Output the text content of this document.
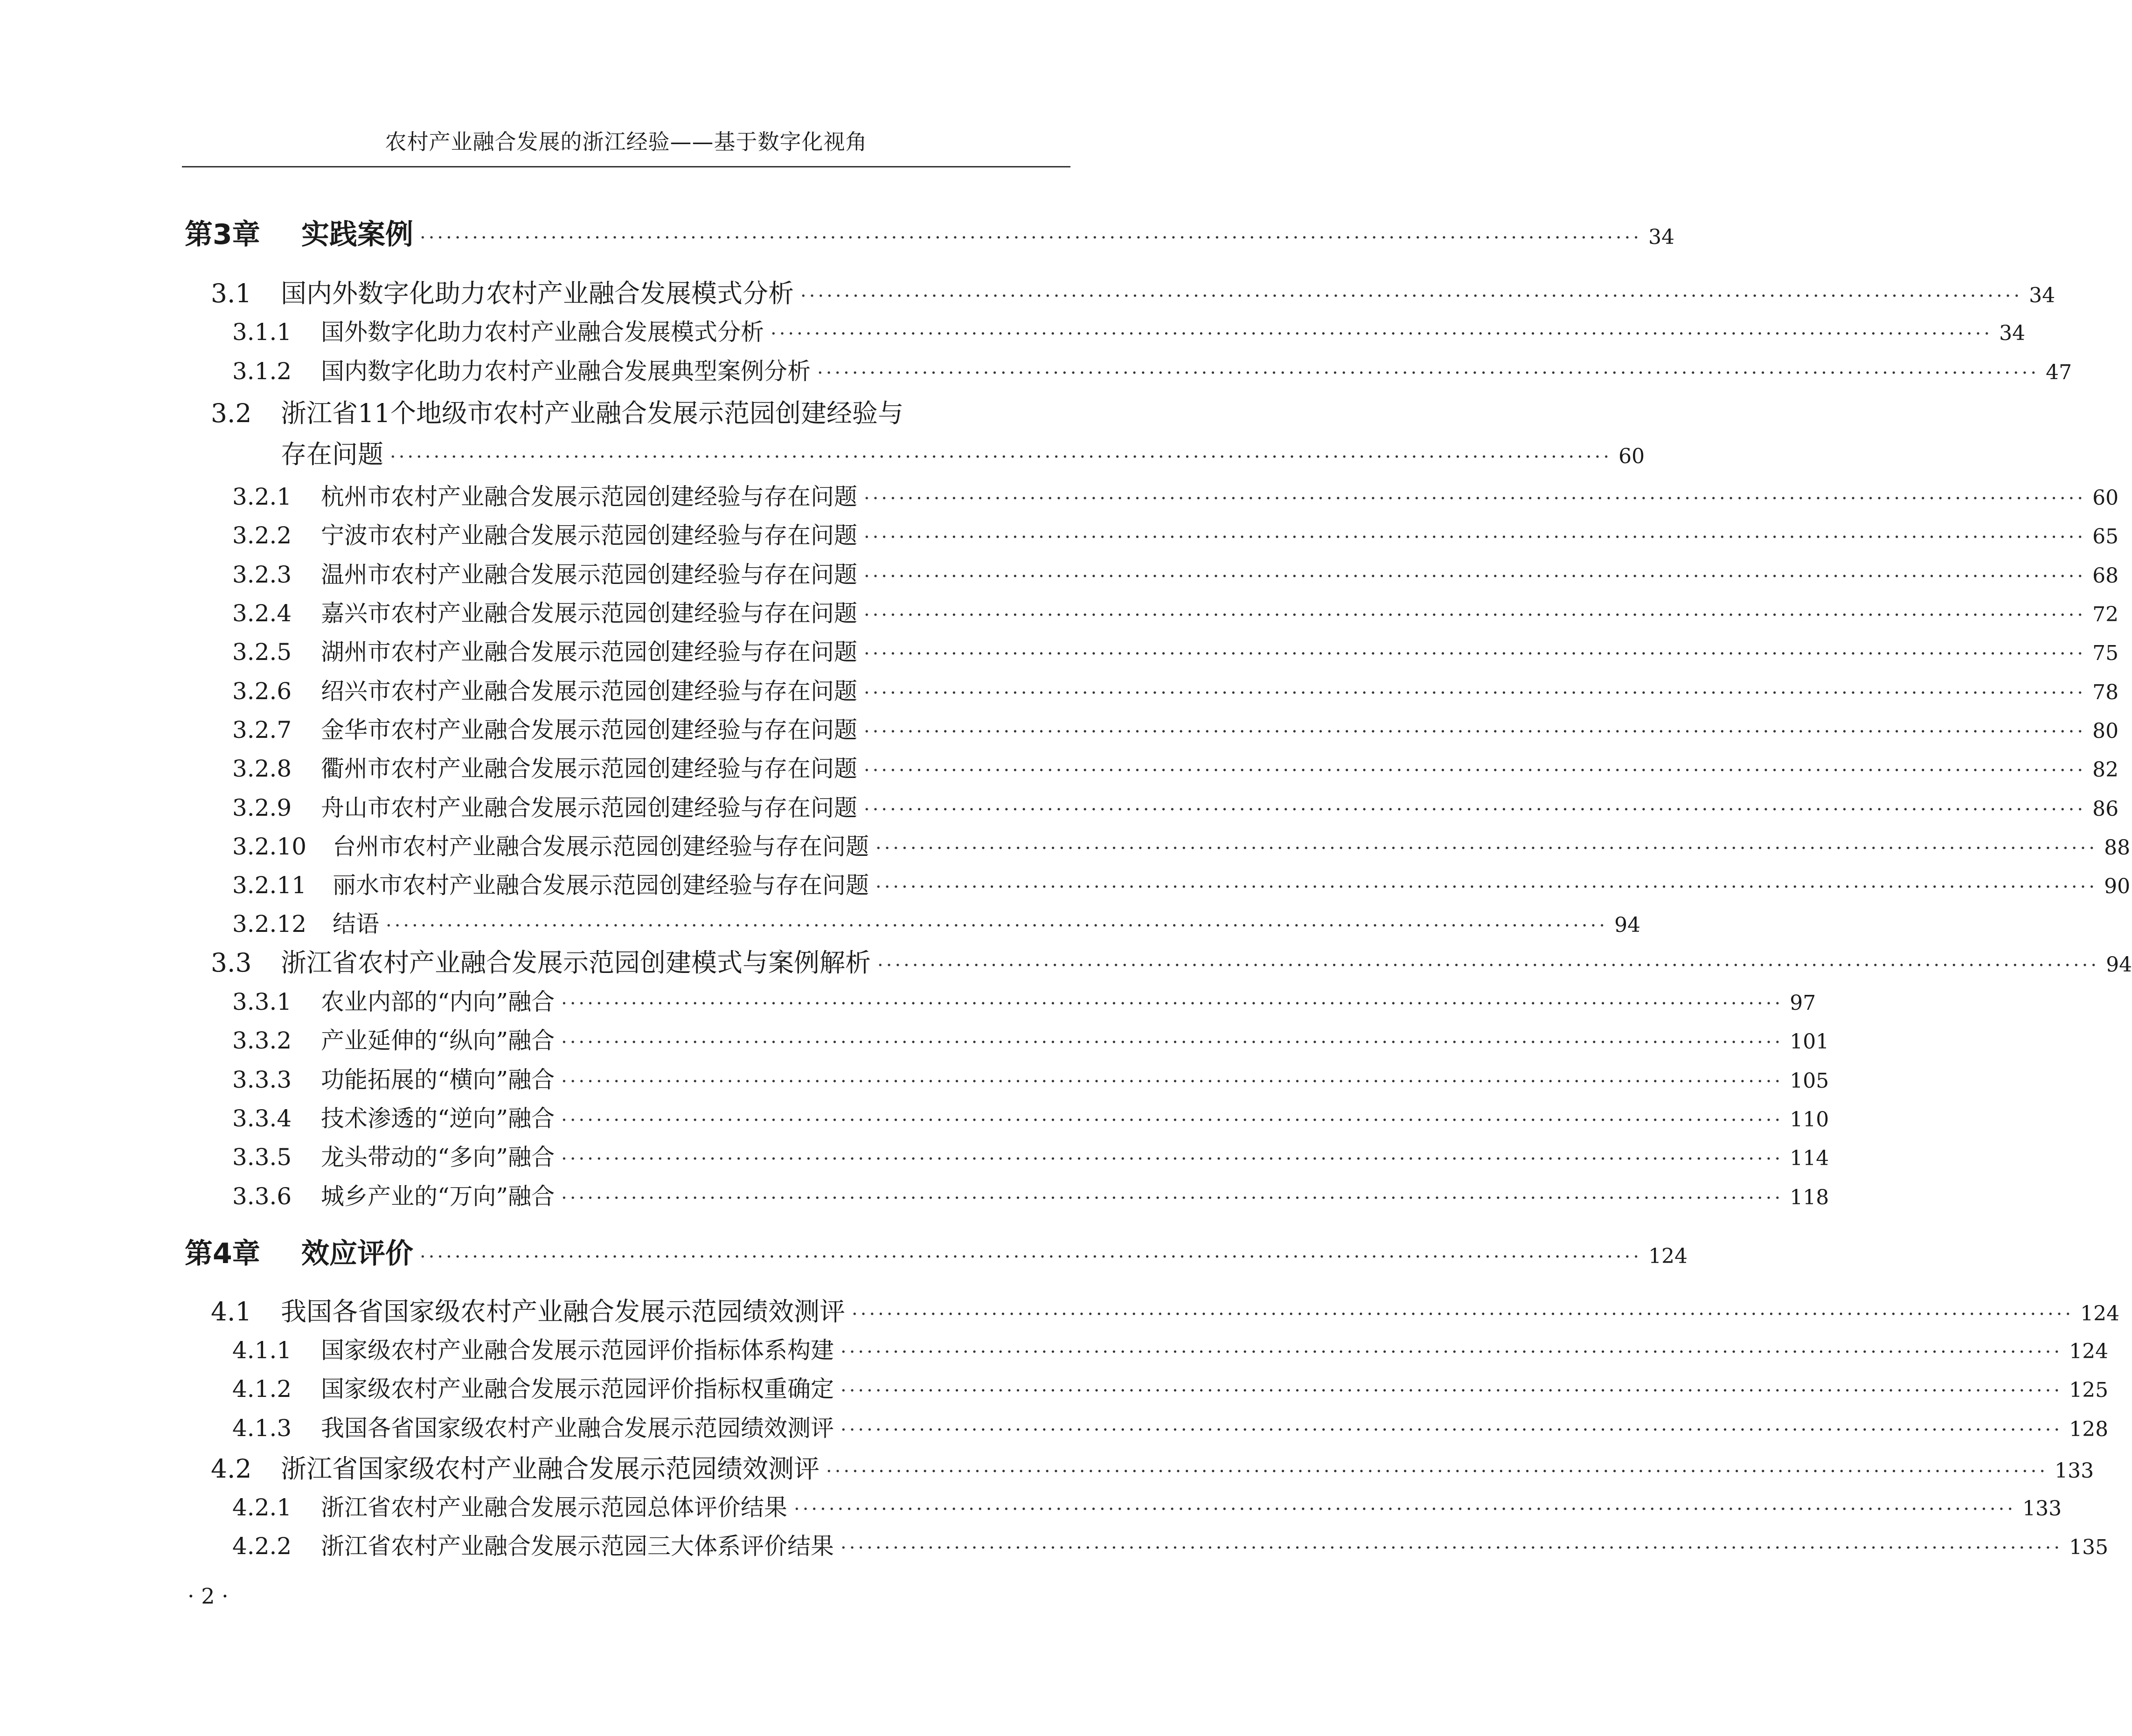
农村产业融合发展的浙江经验——基于数字化视角
第3章	实践案例 ············································································································································ 34
3.1	国内外数字化助力农村产业融合发展模式分析 ············································································································································ 34
3.1.1	国外数字化助力农村产业融合发展模式分析 ············································································································································ 34
3.1.2	国内数字化助力农村产业融合发展典型案例分析 ············································································································································ 47
3.2 浙江省11个地级市农村产业融合发展示范园创建经验与
存在问题 ············································································································································ 60
3.2.1	杭州市农村产业融合发展示范园创建经验与存在问题 ············································································································································ 60
3.2.2	宁波市农村产业融合发展示范园创建经验与存在问题 ············································································································································ 65
3.2.3	温州市农村产业融合发展示范园创建经验与存在问题 ············································································································································ 68
3.2.4	嘉兴市农村产业融合发展示范园创建经验与存在问题 ············································································································································ 72
3.2.5	湖州市农村产业融合发展示范园创建经验与存在问题 ············································································································································ 75
3.2.6	绍兴市农村产业融合发展示范园创建经验与存在问题 ············································································································································ 78
3.2.7	金华市农村产业融合发展示范园创建经验与存在问题 ············································································································································ 80
3.2.8	衢州市农村产业融合发展示范园创建经验与存在问题 ············································································································································ 82
3.2.9	舟山市农村产业融合发展示范园创建经验与存在问题 ············································································································································ 86
3.2.10	台州市农村产业融合发展示范园创建经验与存在问题 ············································································································································ 88
3.2.11	丽水市农村产业融合发展示范园创建经验与存在问题 ············································································································································ 90
3.2.12	结语 ············································································································································ 94
3.3	浙江省农村产业融合发展示范园创建模式与案例解析 ············································································································································ 94
3.3.1	农业内部的“内向”融合 ············································································································································ 97
3.3.2	产业延伸的“纵向”融合 ············································································································································ 101
3.3.3	功能拓展的“横向”融合 ············································································································································ 105
3.3.4	技术渗透的“逆向”融合 ············································································································································ 110
3.3.5	龙头带动的“多向”融合 ············································································································································ 114
3.3.6	城乡产业的“万向”融合 ············································································································································ 118
第4章	效应评价 ············································································································································ 124
4.1	我国各省国家级农村产业融合发展示范园绩效测评 ············································································································································ 124
4.1.1	国家级农村产业融合发展示范园评价指标体系构建 ············································································································································ 124
4.1.2	国家级农村产业融合发展示范园评价指标权重确定 ············································································································································ 125
4.1.3	我国各省国家级农村产业融合发展示范园绩效测评 ············································································································································ 128
4.2	浙江省国家级农村产业融合发展示范园绩效测评 ············································································································································ 133
4.2.1	浙江省农村产业融合发展示范园总体评价结果 ············································································································································ 133
4.2.2	浙江省农村产业融合发展示范园三大体系评价结果 ············································································································································ 135
· 2 ·
